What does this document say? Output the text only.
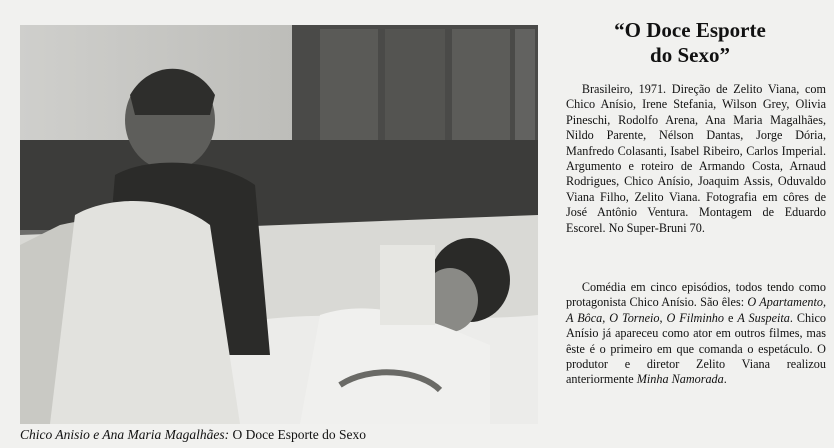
Chico Anisio e Ana Maria Magalhães: O Doce Esporte do Sexo
“O Doce Esporte
do Sexo”

Brasileiro, 1971. Direção de Zelito Viana, com Chico Anísio, Irene Stefania, Wilson Grey, Olivia Pineschi, Rodolfo Arena, Ana Maria Magalhães, Nildo Parente, Nélson Dantas, Jorge Dória, Manfredo Colasanti, Isabel Ribeiro, Carlos Imperial. Argumento e roteiro de Armando Costa, Arnaud Rodrigues, Chico Anísio, Joaquim Assis, Oduvaldo Viana Filho, Zelito Viana. Fotografia em côres de José Antônio Ventura. Montagem de Eduardo Escorel. No Super-Bruni 70.

Comédia em cinco episódios, todos tendo como protagonista Chico Anísio. São êles: O Apartamento, A Bôca, O Torneio, O Filminho e A Suspeita. Chico Anísio já apareceu como ator em outros filmes, mas êste é o primeiro em que comanda o espetáculo. O produtor e diretor Zelito Viana realizou anteriormente Minha Namorada.
